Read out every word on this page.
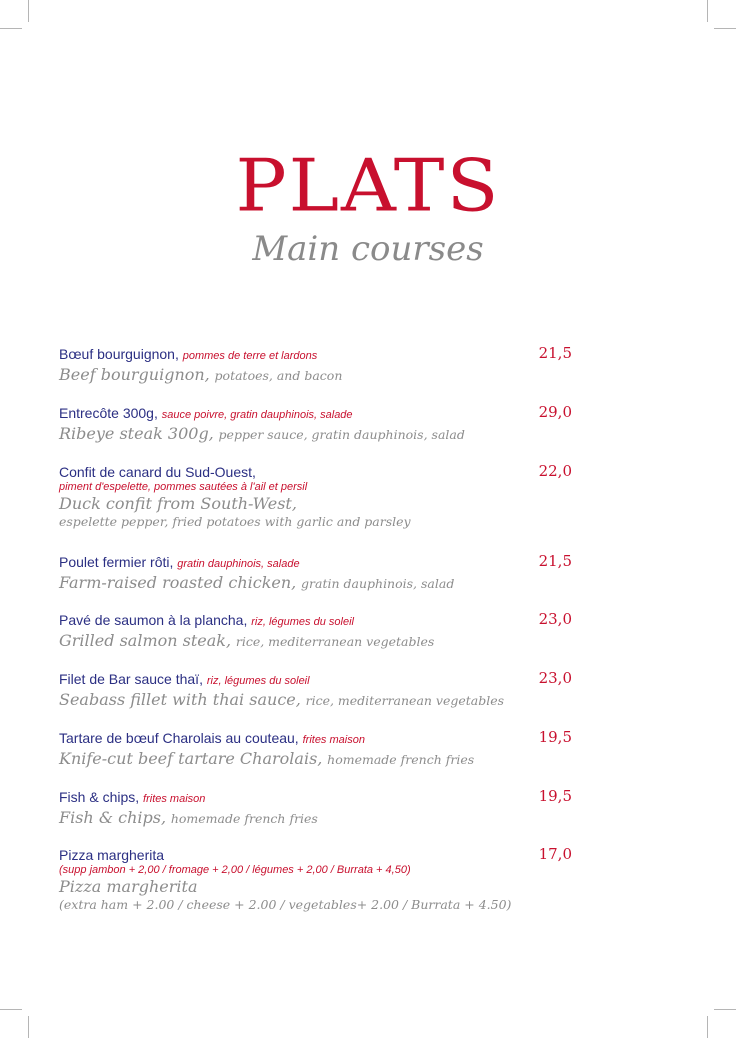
PLATS
Main courses
Bœuf bourguignon, pommes de terre et lardons
Beef bourguignon, potatoes, and bacon
21,5
Entrecôte 300g, sauce poivre, gratin dauphinois, salade
Ribeye steak 300g, pepper sauce, gratin dauphinois, salad
29,0
Confit de canard du Sud-Ouest,
piment d'espelette, pommes sautées à l'ail et persil
Duck confit from South-West,
espelette pepper, fried potatoes with garlic and parsley
22,0
Poulet fermier rôti, gratin dauphinois, salade
Farm-raised roasted chicken, gratin dauphinois, salad
21,5
Pavé de saumon à la plancha, riz, légumes du soleil
Grilled salmon steak, rice, mediterranean vegetables
23,0
Filet de Bar sauce thaï, riz, légumes du soleil
Seabass fillet with thai sauce, rice, mediterranean vegetables
23,0
Tartare de bœuf Charolais au couteau, frites maison
Knife-cut beef tartare Charolais, homemade french fries
19,5
Fish & chips, frites maison
Fish & chips, homemade french fries
19,5
Pizza margherita
(supp jambon + 2,00 / fromage + 2,00 / légumes + 2,00 / Burrata + 4,50)
Pizza margherita
(extra ham + 2.00 / cheese + 2.00 / vegetables+ 2.00 / Burrata + 4.50)
17,0
